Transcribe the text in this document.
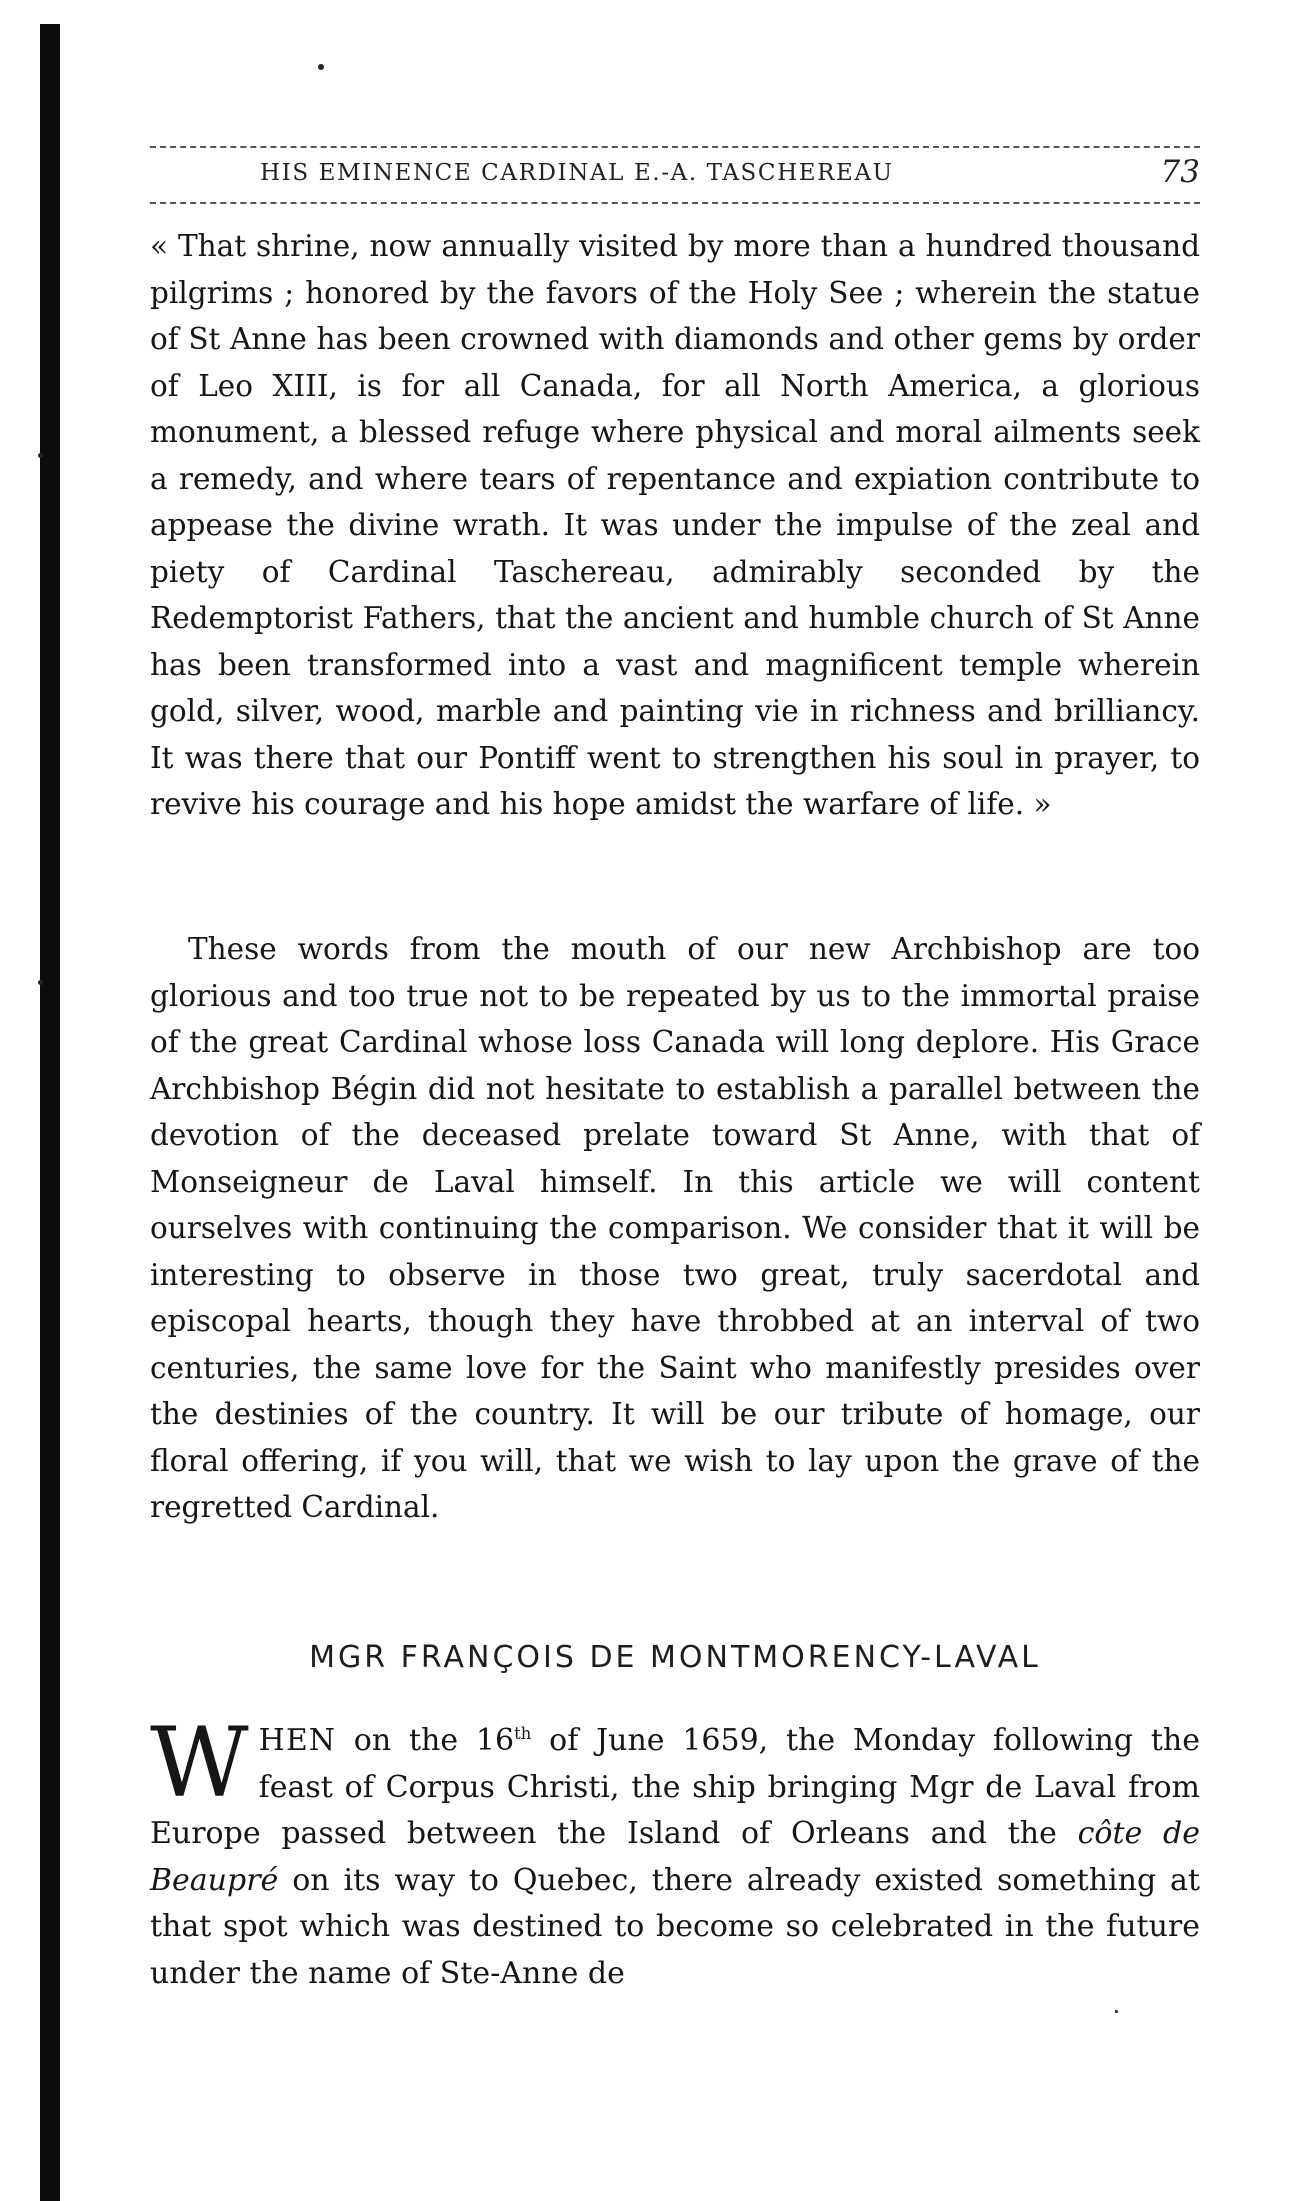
HIS EMINENCE CARDINAL E.-A. TASCHEREAU	73

« That shrine, now annually visited by more than a hundred thousand pilgrims ; honored by the favors of the Holy See ; wherein the statue of St Anne has been crowned with diamonds and other gems by order of Leo XIII, is for all Canada, for all North America, a glorious monument, a blessed refuge where physical and moral ailments seek a remedy, and where tears of repentance and expiation contribute to appease the divine wrath. It was under the impulse of the zeal and piety of Cardinal Taschereau, admirably seconded by the Redemptorist Fathers, that the ancient and humble church of St Anne has been transformed into a vast and magnificent temple wherein gold, silver, wood, marble and painting vie in richness and brilliancy. It was there that our Pontiff went to strengthen his soul in prayer, to revive his courage and his hope amidst the warfare of life. »

These words from the mouth of our new Archbishop are too glorious and too true not to be repeated by us to the immortal praise of the great Cardinal whose loss Canada will long deplore. His Grace Archbishop Bégin did not hesitate to establish a parallel between the devotion of the deceased prelate toward St Anne, with that of Monseigneur de Laval himself. In this article we will content ourselves with continuing the comparison. We consider that it will be interesting to observe in those two great, truly sacerdotal and episcopal hearts, though they have throbbed at an interval of two centuries, the same love for the Saint who manifestly presides over the destinies of the country. It will be our tribute of homage, our floral offering, if you will, that we wish to lay upon the grave of the regretted Cardinal.

MGR FRANÇOIS DE MONTMORENCY-LAVAL

WHEN on the 16th of June 1659, the Monday following the feast of Corpus Christi, the ship bringing Mgr de Laval from Europe passed between the Island of Orleans and the côte de Beaupré on its way to Quebec, there already existed something at that spot which was destined to become so celebrated in the future under the name of Ste-Anne de
